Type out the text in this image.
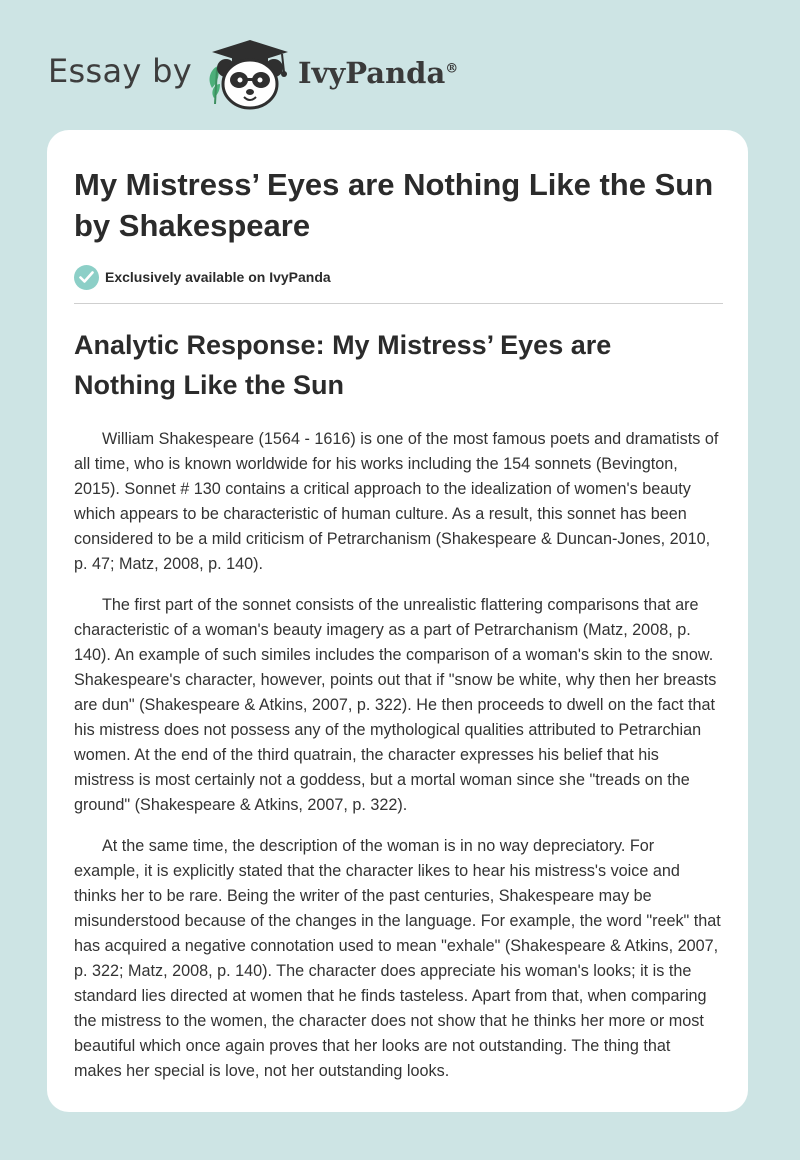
Essay by	IvyPanda®
My Mistress’ Eyes are Nothing Like the Sun by Shakespeare
Exclusively available on IvyPanda
Analytic Response: My Mistress’ Eyes are Nothing Like the Sun

William Shakespeare (1564 - 1616) is one of the most famous poets and dramatists of all time, who is known worldwide for his works including the 154 sonnets (Bevington, 2015). Sonnet # 130 contains a critical approach to the idealization of women's beauty which appears to be characteristic of human culture. As a result, this sonnet has been considered to be a mild criticism of Petrarchanism (Shakespeare & Duncan-Jones, 2010, p. 47; Matz, 2008, p. 140).

The first part of the sonnet consists of the unrealistic flattering comparisons that are characteristic of a woman's beauty imagery as a part of Petrarchanism (Matz, 2008, p. 140). An example of such similes includes the comparison of a woman's skin to the snow. Shakespeare's character, however, points out that if "snow be white, why then her breasts are dun" (Shakespeare & Atkins, 2007, p. 322). He then proceeds to dwell on the fact that his mistress does not possess any of the mythological qualities attributed to Petrarchian women. At the end of the third quatrain, the character expresses his belief that his mistress is most certainly not a goddess, but a mortal woman since she "treads on the ground" (Shakespeare & Atkins, 2007, p. 322).

At the same time, the description of the woman is in no way depreciatory. For example, it is explicitly stated that the character likes to hear his mistress's voice and thinks her to be rare. Being the writer of the past centuries, Shakespeare may be misunderstood because of the changes in the language. For example, the word "reek" that has acquired a negative connotation used to mean "exhale" (Shakespeare & Atkins, 2007, p. 322; Matz, 2008, p. 140). The character does appreciate his woman's looks; it is the standard lies directed at women that he finds tasteless. Apart from that, when comparing the mistress to the women, the character does not show that he thinks her more or most beautiful which once again proves that her looks are not outstanding. The thing that makes her special is love, not her outstanding looks.
